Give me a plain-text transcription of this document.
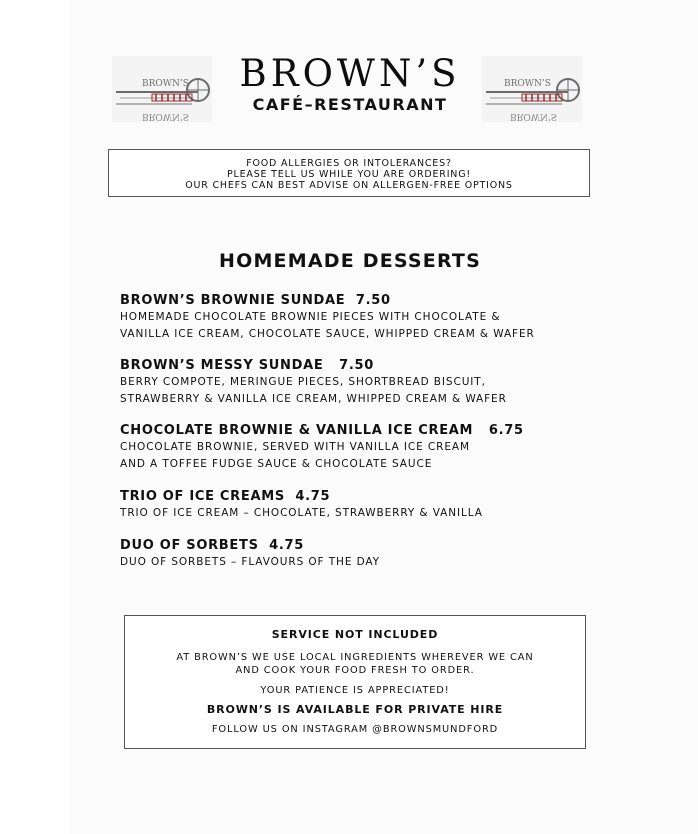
BROWN’S
BROWN’S
BROWN’S
CAFÉ–RESTAURANT
BROWN’S
BROWN’S
FOOD ALLERGIES OR INTOLERANCES?
PLEASE TELL US WHILE YOU ARE ORDERING!
OUR CHEFS CAN BEST ADVISE ON ALLERGEN-FREE OPTIONS
HOMEMADE DESSERTS
BROWN’S BROWNIE SUNDAE  7.50
HOMEMADE CHOCOLATE BROWNIE PIECES WITH CHOCOLATE &
VANILLA ICE CREAM, CHOCOLATE SAUCE, WHIPPED CREAM & WAFER
BROWN’S MESSY SUNDAE   7.50
BERRY COMPOTE, MERINGUE PIECES, SHORTBREAD BISCUIT,
STRAWBERRY & VANILLA ICE CREAM, WHIPPED CREAM & WAFER
CHOCOLATE BROWNIE & VANILLA ICE CREAM   6.75
CHOCOLATE BROWNIE, SERVED WITH VANILLA ICE CREAM
AND A TOFFEE FUDGE SAUCE & CHOCOLATE SAUCE
TRIO OF ICE CREAMS  4.75
TRIO OF ICE CREAM – CHOCOLATE, STRAWBERRY & VANILLA
DUO OF SORBETS  4.75
DUO OF SORBETS – FLAVOURS OF THE DAY
SERVICE NOT INCLUDED
AT BROWN’S WE USE LOCAL INGREDIENTS WHEREVER WE CAN
AND COOK YOUR FOOD FRESH TO ORDER.
YOUR PATIENCE IS APPRECIATED!
BROWN’S IS AVAILABLE FOR PRIVATE HIRE
FOLLOW US ON INSTAGRAM @BROWNSMUNDFORD
